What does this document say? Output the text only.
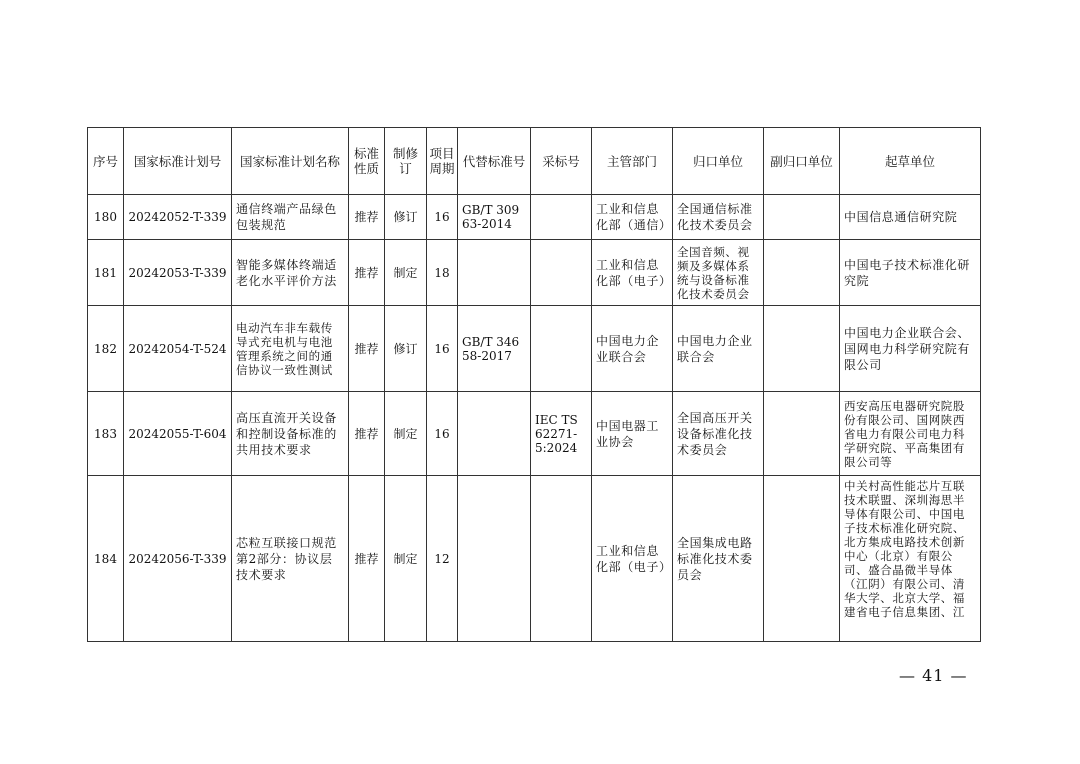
序号	国家标准计划号	国家标准计划名称	标准性质	制修订	项目周期	代替标准号	采标号	主管部门	归口单位	副归口单位	起草单位
180	20242052-T-339	通信终端产品绿色包装规范	推荐	修订	16	GB/T 30963-2014		工业和信息化部（通信）	全国通信标准化技术委员会		中国信息通信研究院
181	20242053-T-339	智能多媒体终端适老化水平评价方法	推荐	制定	18			工业和信息化部（电子）	全国音频、视频及多媒体系统与设备标准化技术委员会		中国电子技术标准化研究院
182	20242054-T-524	电动汽车非车载传导式充电机与电池管理系统之间的通信协议一致性测试	推荐	修订	16	GB/T 34658-2017		中国电力企业联合会	中国电力企业联合会		中国电力企业联合会、国网电力科学研究院有限公司
183	20242055-T-604	高压直流开关设备和控制设备标准的共用技术要求	推荐	制定	16		IEC TS 62271-5:2024	中国电器工业协会	全国高压开关设备标准化技术委员会		西安高压电器研究院股份有限公司、国网陕西省电力有限公司电力科学研究院、平高集团有限公司等
184	20242056-T-339	芯粒互联接口规范 第2部分：协议层技术要求	推荐	制定	12			工业和信息化部（电子）	全国集成电路标准化技术委员会		中关村高性能芯片互联技术联盟、深圳海思半导体有限公司、中国电子技术标准化研究院、北方集成电路技术创新中心（北京）有限公司、盛合晶微半导体（江阴）有限公司、清华大学、北京大学、福建省电子信息集团、江
— 41 —
